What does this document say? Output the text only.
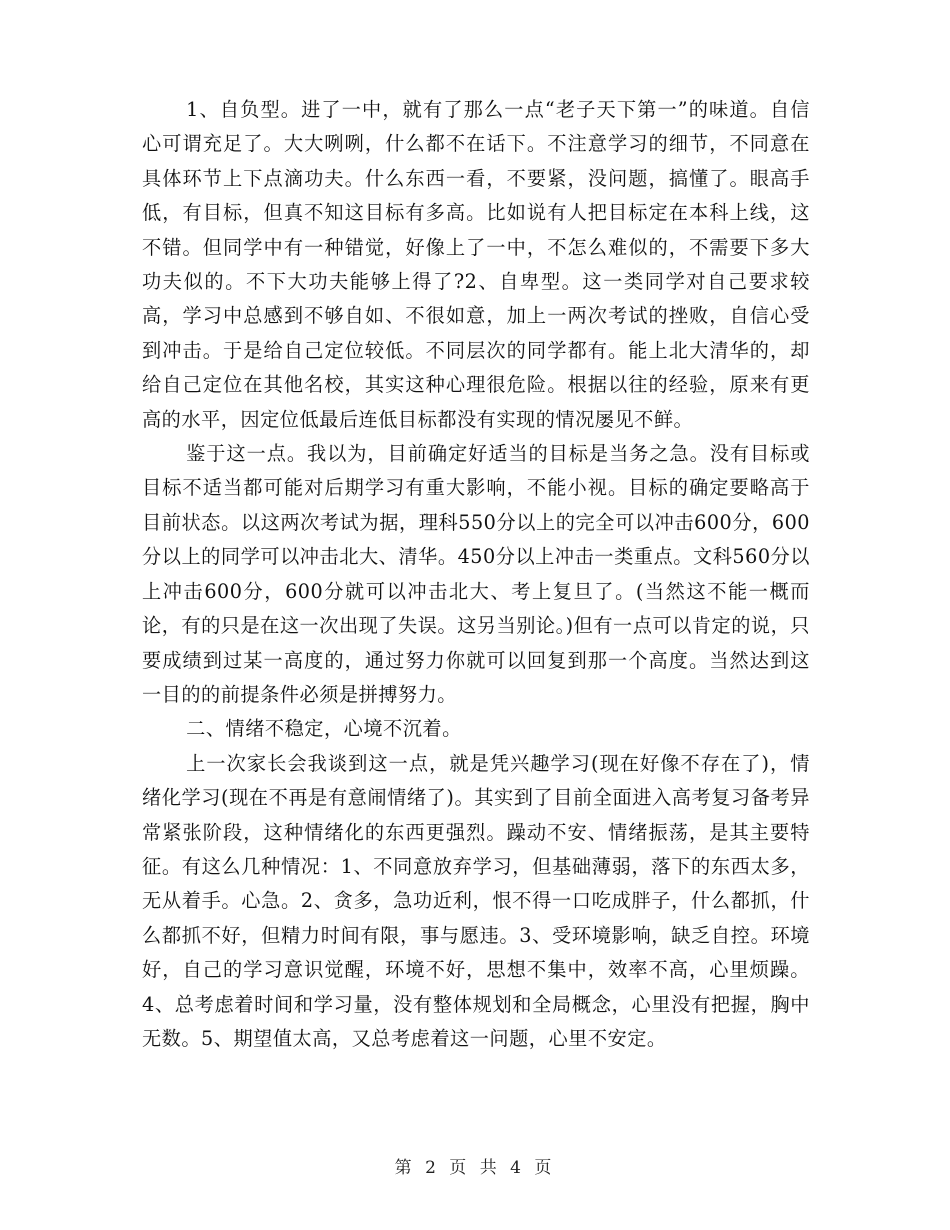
1、自负型。进了一中，就有了那么一点“老子天下第一”的味道。自信心可谓充足了。大大咧咧，什么都不在话下。不注意学习的细节，不同意在具体环节上下点滴功夫。什么东西一看，不要紧，没问题，搞懂了。眼高手低，有目标，但真不知这目标有多高。比如说有人把目标定在本科上线，这不错。但同学中有一种错觉，好像上了一中，不怎么难似的，不需要下多大功夫似的。不下大功夫能够上得了?2、自卑型。这一类同学对自己要求较高，学习中总感到不够自如、不很如意，加上一两次考试的挫败，自信心受到冲击。于是给自己定位较低。不同层次的同学都有。能上北大清华的，却给自己定位在其他名校，其实这种心理很危险。根据以往的经验，原来有更高的水平，因定位低最后连低目标都没有实现的情况屡见不鲜。

鉴于这一点。我以为，目前确定好适当的目标是当务之急。没有目标或目标不适当都可能对后期学习有重大影响，不能小视。目标的确定要略高于目前状态。以这两次考试为据，理科550分以上的完全可以冲击600分，600分以上的同学可以冲击北大、清华。450分以上冲击一类重点。文科560分以上冲击600分，600分就可以冲击北大、考上复旦了。(当然这不能一概而论，有的只是在这一次出现了失误。这另当别论。)但有一点可以肯定的说，只要成绩到过某一高度的，通过努力你就可以回复到那一个高度。当然达到这一目的的前提条件必须是拼搏努力。

二、情绪不稳定，心境不沉着。

上一次家长会我谈到这一点，就是凭兴趣学习(现在好像不存在了)，情绪化学习(现在不再是有意闹情绪了)。其实到了目前全面进入高考复习备考异常紧张阶段，这种情绪化的东西更强烈。躁动不安、情绪振荡，是其主要特征。有这么几种情况：1、不同意放弃学习，但基础薄弱，落下的东西太多，无从着手。心急。2、贪多，急功近利，恨不得一口吃成胖子，什么都抓，什么都抓不好，但精力时间有限，事与愿违。3、受环境影响，缺乏自控。环境好，自己的学习意识觉醒，环境不好，思想不集中，效率不高，心里烦躁。4、总考虑着时间和学习量，没有整体规划和全局概念，心里没有把握，胸中无数。5、期望值太高，又总考虑着这一问题，心里不安定。

第 2 页 共 4 页
